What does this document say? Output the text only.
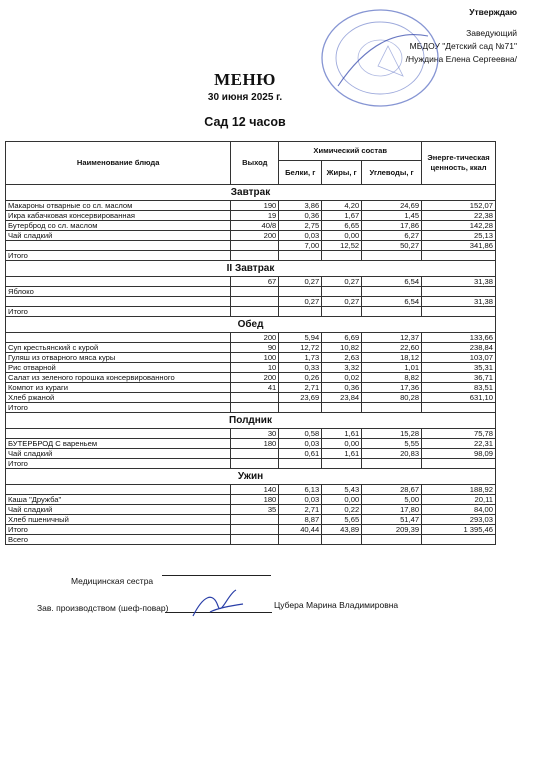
Утверждаю
Заведующий
МБДОУ "Детский сад №71"
/Нуждина Елена Сергеевна/
МЕНЮ
30 июня 2025 г.
Сад 12 часов
Наименование блюда	Выход	Химический состав			Энерге-тическая ценность, ккал
		Белки, г	Жиры, г	Углеводы, г	
Завтрак					
Макароны отварные со сл. маслом	190	3,86	4,20	24,69	152,07
Икра кабачковая консервированная	19	0,36	1,67	1,45	22,38
Бутерброд со сл. маслом	40/8	2,75	6,65	17,86	142,28
Чай сладкий	200	0,03	0,00	6,27	25,13
		7,00	12,52	50,27	341,86
Итого					
II Завтрак					
	67	0,27	0,27	6,54	31,38
Яблоко					
		0,27	0,27	6,54	31,38
Итого					
Обед					
	200	5,94	6,69	12,37	133,66
Суп крестьянский с курой	90	12,72	10,82	22,60	238,84
Гуляш из отварного мяса куры	100	1,73	2,63	18,12	103,07
Рис отварной	10	0,33	3,32	1,01	35,31
Салат из зеленого горошка консервированного	200	0,26	0,02	8,82	36,71
Компот из кураги	41	2,71	0,36	17,36	83,51
Хлеб ржаной		23,69	23,84	80,28	631,10
Итого					
Полдник					
	30	0,58	1,61	15,28	75,78
БУТЕРБРОД С вареньем	180	0,03	0,00	5,55	22,31
Чай сладкий		0,61	1,61	20,83	98,09
Итого					
Ужин					
	140	6,13	5,43	28,67	188,92
Каша "Дружба"	180	0,03	0,00	5,00	20,11
Чай сладкий	35	2,71	0,22	17,80	84,00
Хлеб пшеничный		8,87	5,65	51,47	293,03
Итого		40,44	43,89	209,39	1 395,46
Всего					
Медицинская сестра
Зав. производством (шеф-повар)	Цубера Марина Владимировна
